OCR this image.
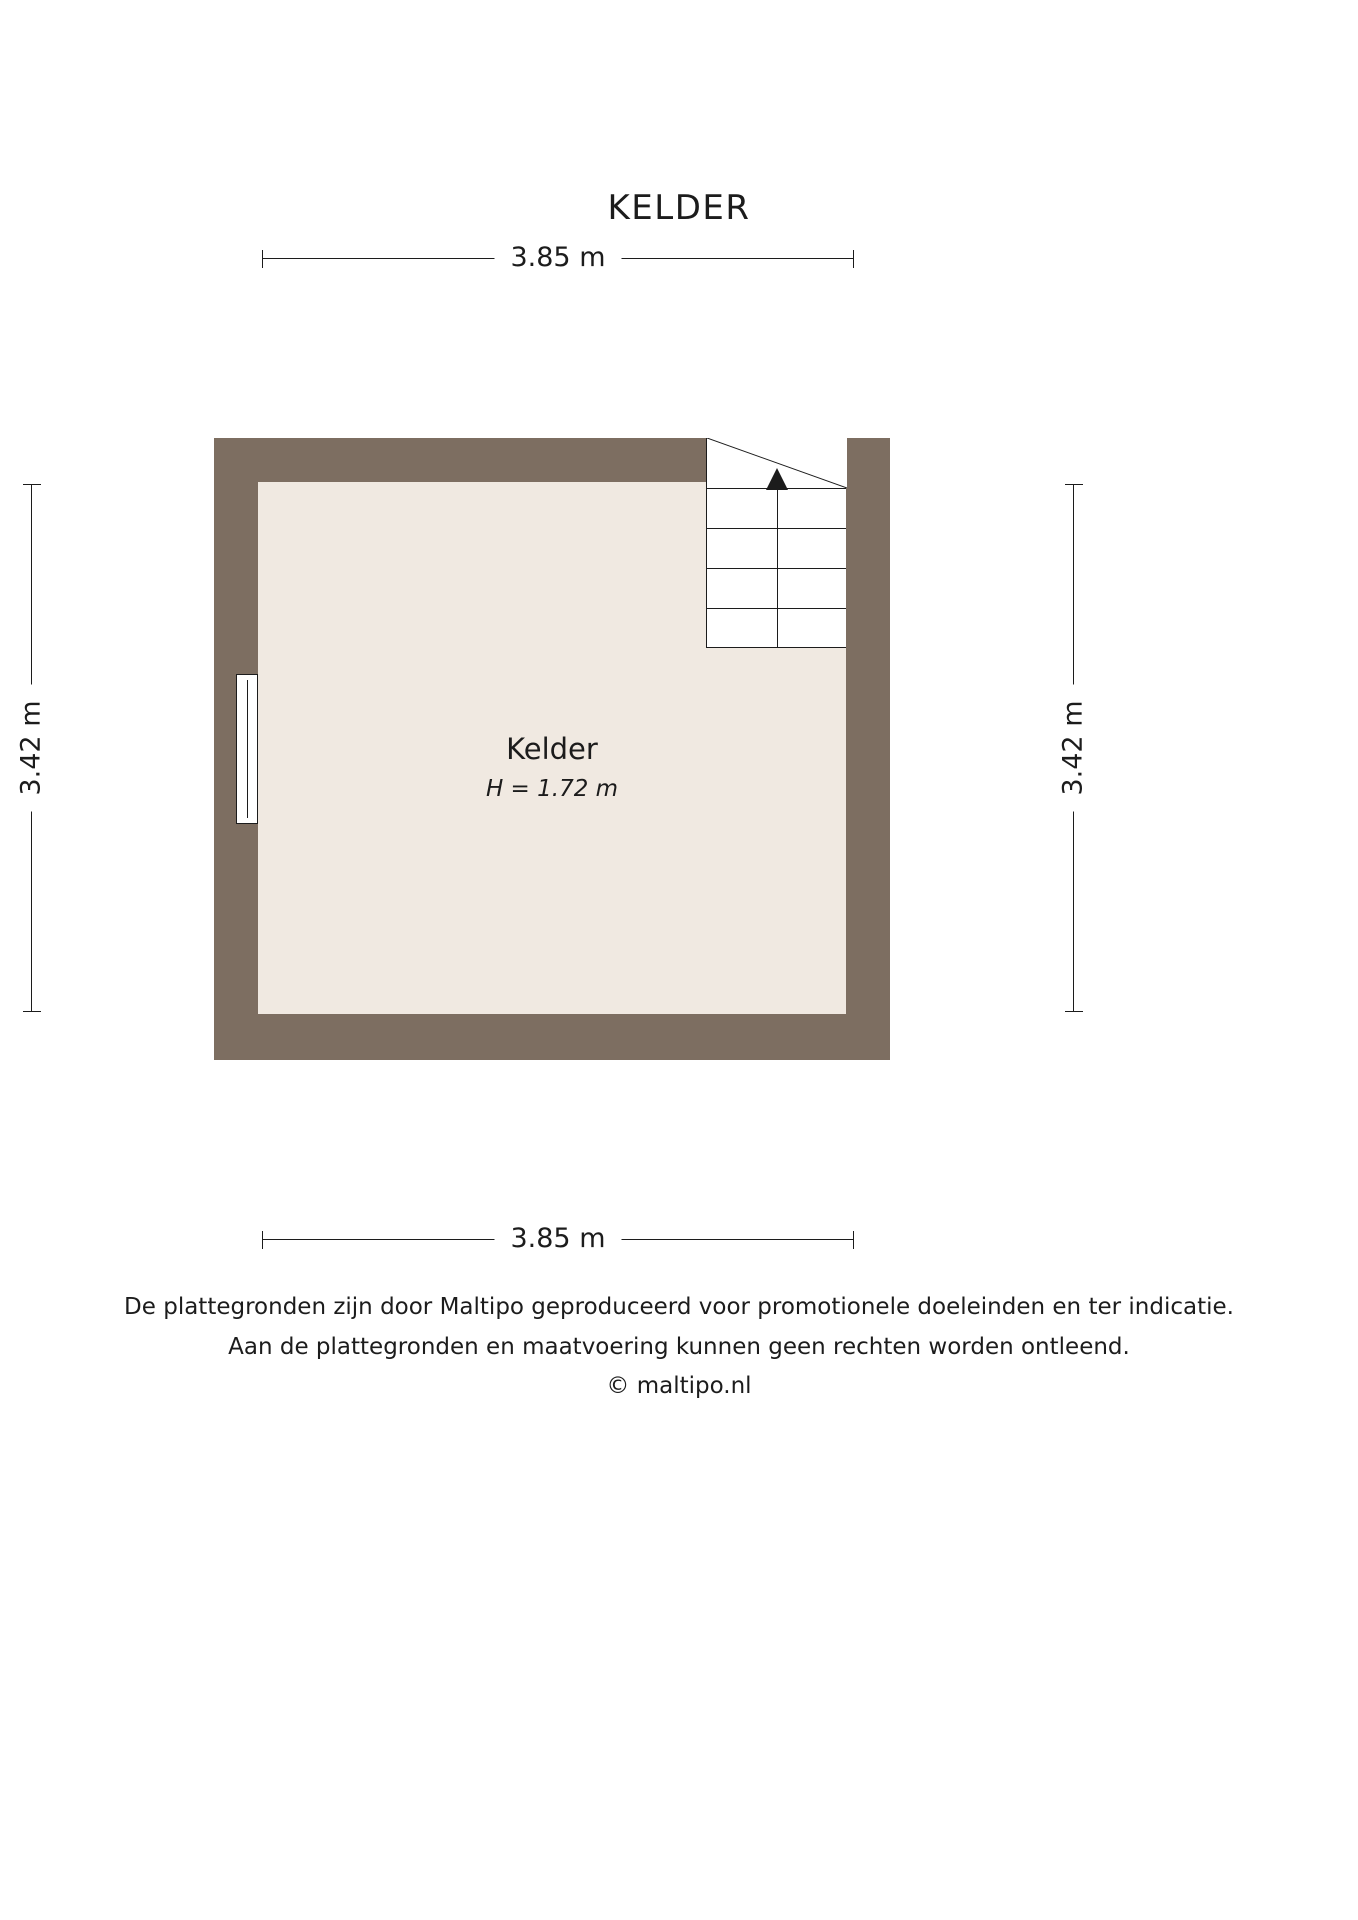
KELDER
3.85 m
3.85 m
3.42 m	3.42 m
Kelder
H = 1.72 m
De plattegronden zijn door Maltipo geproduceerd voor promotionele doeleinden en ter indicatie.
Aan de plattegronden en maatvoering kunnen geen rechten worden ontleend.
© maltipo.nl
